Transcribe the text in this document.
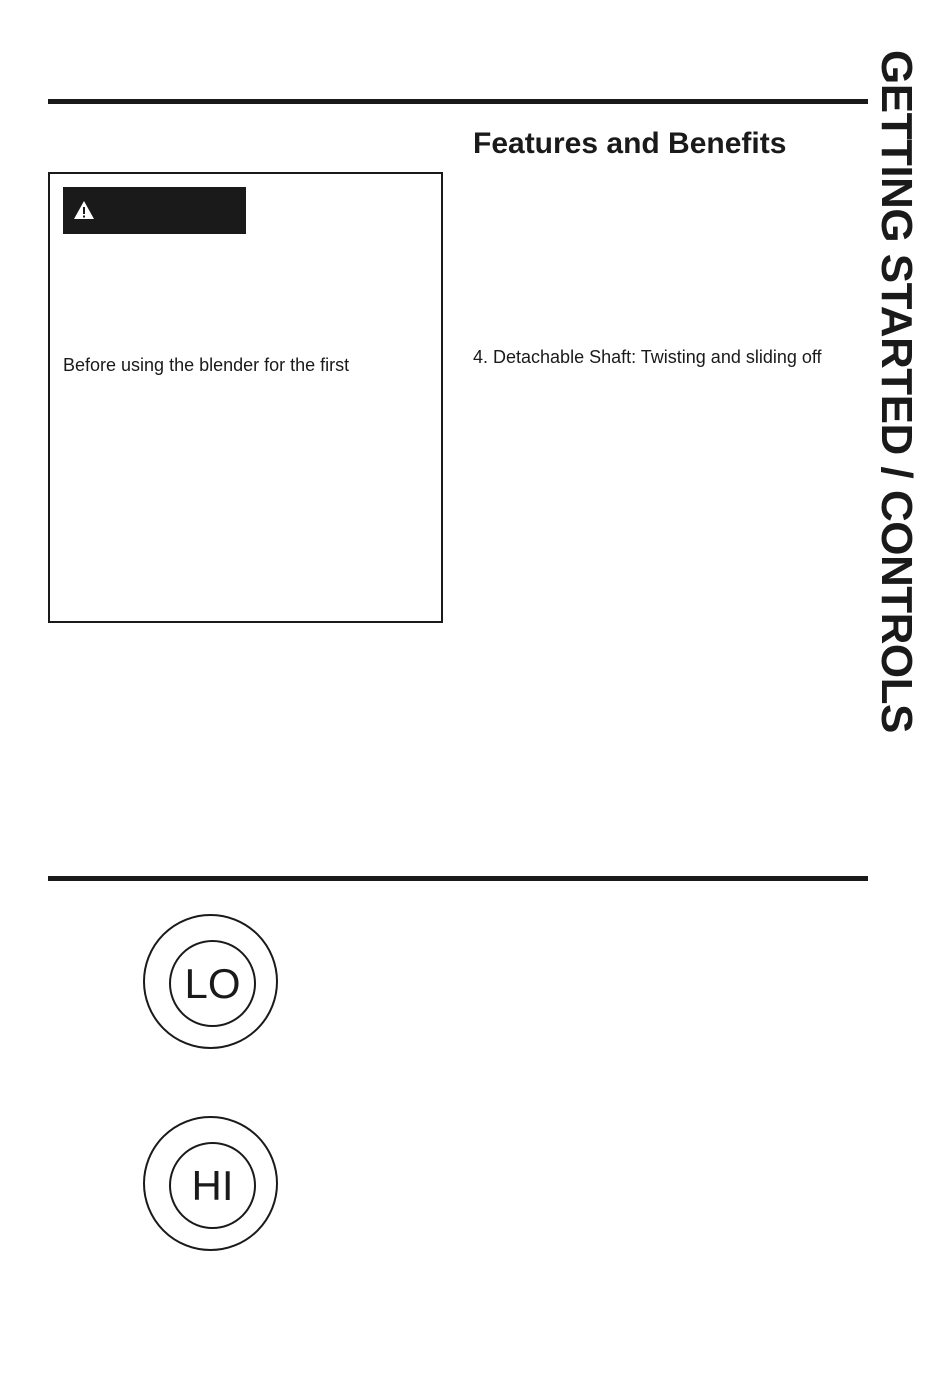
Before using the blender for the first
Features and Benefits
4. Detachable Shaft: Twisting and sliding off GETTING STARTED / CONTROLS
LO
HI
